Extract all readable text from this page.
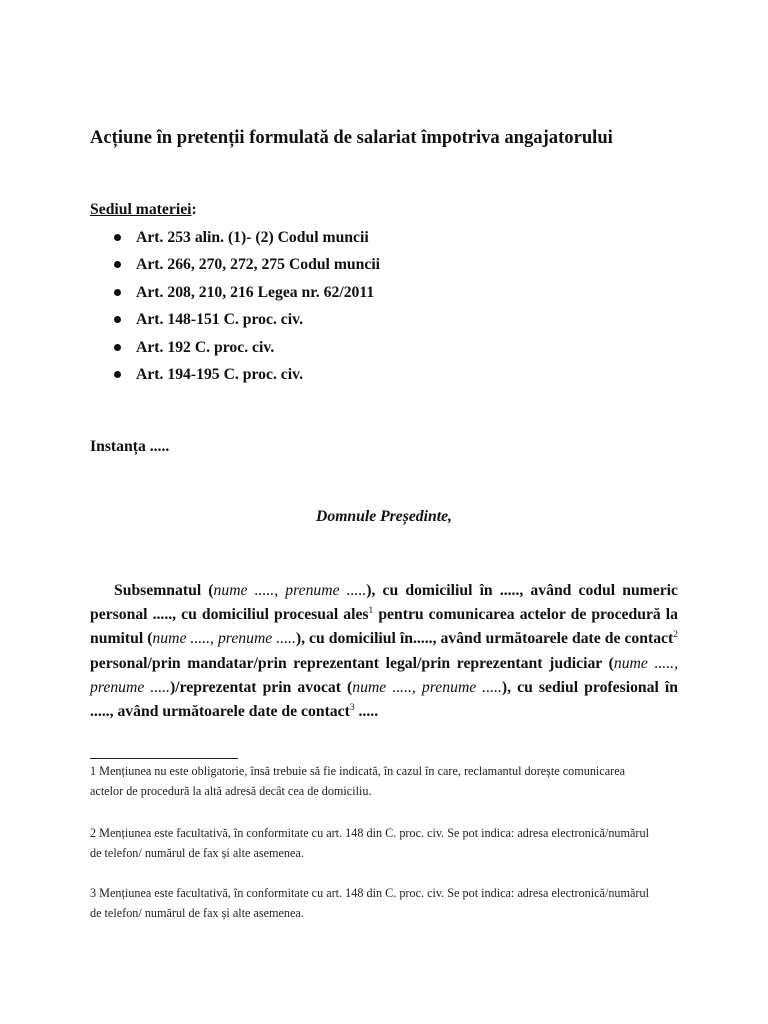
Acțiune în pretenții formulată de salariat împotriva angajatorului
Sediul materiei:
Art. 253 alin. (1)- (2) Codul muncii
Art. 266, 270, 272, 275 Codul muncii
Art. 208, 210, 216 Legea nr. 62/2011
Art. 148-151 C. proc. civ.
Art. 192 C. proc. civ.
Art. 194-195 C. proc. civ.
Instanța .....
Domnule Președinte,
Subsemnatul (nume ....., prenume .....), cu domiciliul în ....., având codul numeric personal ....., cu domiciliul procesual ales$^1$ pentru comunicarea actelor de procedură la numitul (nume ....., prenume .....), cu domiciliul în....., având următoarele date de contact$^2$ personal/prin mandatar/prin reprezentant legal/prin reprezentant judiciar (nume ....., prenume .....)/reprezentat prin avocat (nume ....., prenume .....), cu sediul profesional în ....., având următoarele date de contact$^3$ .....
1 Mențiunea nu este obligatorie, însă trebuie să fie indicată, în cazul în care, reclamantul dorește comunicarea actelor de procedură la altă adresă decât cea de domiciliu.
2 Mențiunea este facultativă, în conformitate cu art. 148 din C. proc. civ. Se pot indica: adresa electronică/numărul de telefon/ numărul de fax și alte asemenea.
3 Mențiunea este facultativă, în conformitate cu art. 148 din C. proc. civ. Se pot indica: adresa electronică/numărul de telefon/ numărul de fax și alte asemenea.
